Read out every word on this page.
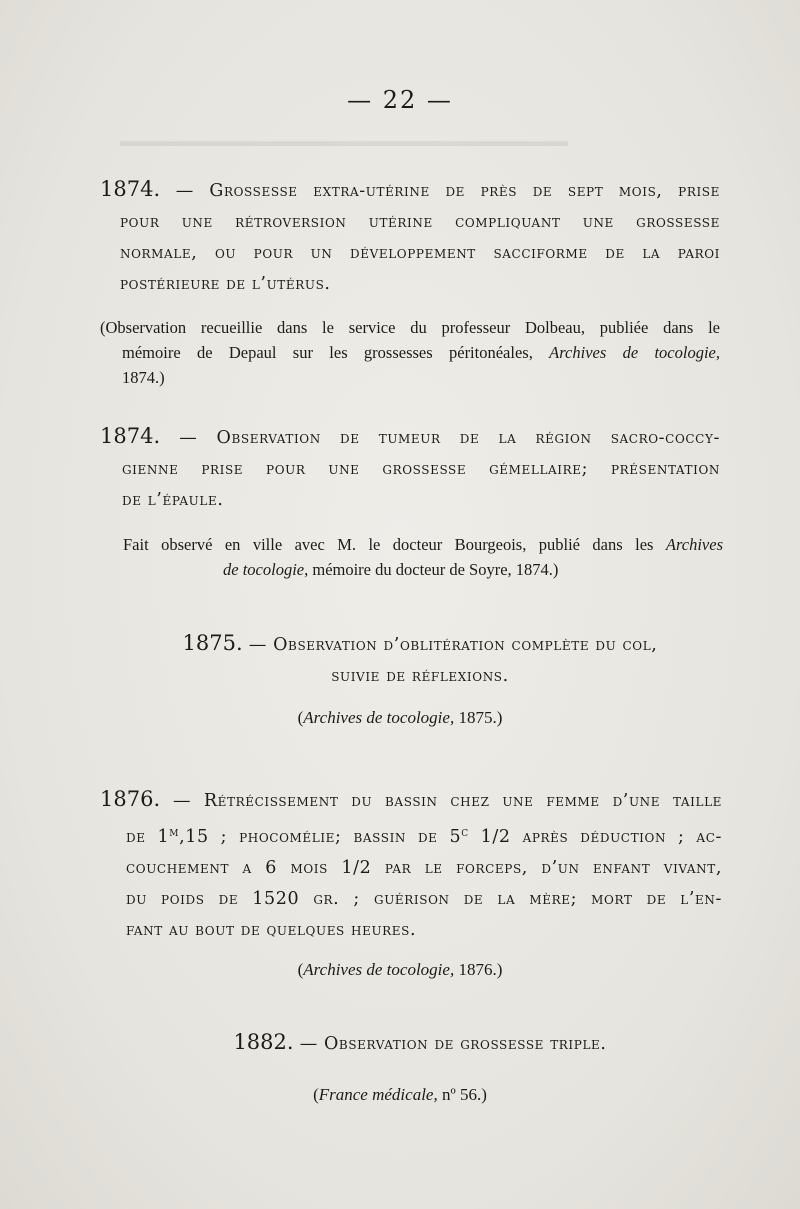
▬▬▬▬▬▬▬▬▬▬▬▬▬▬▬▬▬▬▬▬▬▬▬▬▬▬▬▬
— 22 —
1874. — Grossesse extra-utérine de près de sept mois, prise
pour une rétroversion utérine compliquant une grossesse
normale, ou pour un développement sacciforme de la paroi
postérieure de l’utérus.
(Observation recueillie dans le service du professeur Dolbeau, publiée dans le
mémoire de Depaul sur les grossesses péritonéales, Archives de tocologie,
1874.)
1874. — Observation de tumeur de la région sacro-coccy-
gienne prise pour une grossesse gémellaire; présentation
de l’épaule.
Fait observé en ville avec M. le docteur Bourgeois, publié dans les Archives
de tocologie, mémoire du docteur de Soyre, 1874.)
1875. — Observation d’oblitération complète du col,
suivie de réflexions.
(Archives de tocologie, 1875.)
1876. — Rétrécissement du bassin chez une femme d’une taille
de 1$^m$,15 ; phocomélie; bassin de 5$^c$ 1/2 après déduction ; ac-
couchement a 6 mois 1/2 par le forceps, d’un enfant vivant,
du poids de 1520 gr. ; guérison de la mère; mort de l’en-
fant au bout de quelques heures.
(Archives de tocologie, 1876.)
1882. — Observation de grossesse triple.
(France médicale, nº 56.)
